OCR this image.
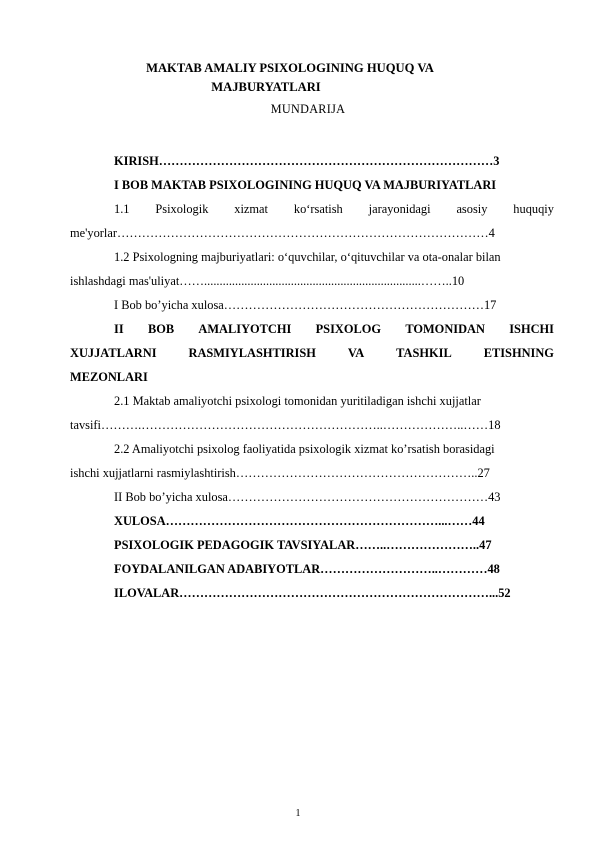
MAKTAB AMALIY PSIXOLOGINING HUQUQ VA
MAJBURYATLARI
MUNDARIJA
KIRISH………………………………………………………………………3
I BOB MAKTAB PSIXOLOGINING HUQUQ VA MAJBURIYATLARI
1.1 Psixologik xizmat ko‘rsatish jarayonidagi asosiy huquqiy
me'yorlar………………………………………………………………………………4
1.2 Psixologning majburiyatlari: o‘quvchilar, o‘qituvchilar va ota-onalar bilan
ishlashdagi mas'uliyat……......................................................................……..10
I Bob bo’yicha xulosa………………………………………………………17
II BOB AMALIYOTCHI PSIXOLOG TOMONIDAN ISHCHI
XUJJATLARNI	RASMIYLASHTIRISH	VA	TASHKIL	ETISHNING
MEZONLARI
2.1 Maktab amaliyotchi psixologi tomonidan yuritiladigan ishchi xujjatlar
tavsifi……….…………………………………………………..………………..……18
2.2 Amaliyotchi psixolog faoliyatida psixologik xizmat ko’rsatish borasidagi
ishchi xujjatlarni rasmiylashtirish…………………………………………………..27
II Bob bo’yicha xulosa………………………………………………………43
XULOSA…………………………………………………………...……44
PSIXOLOGIK PEDAGOGIK TAVSIYALAR……..…………………..47
FOYDALANILGAN ADABIYOTLAR………………………..…………48
ILOVALAR…………………………………………………………………...52
1
